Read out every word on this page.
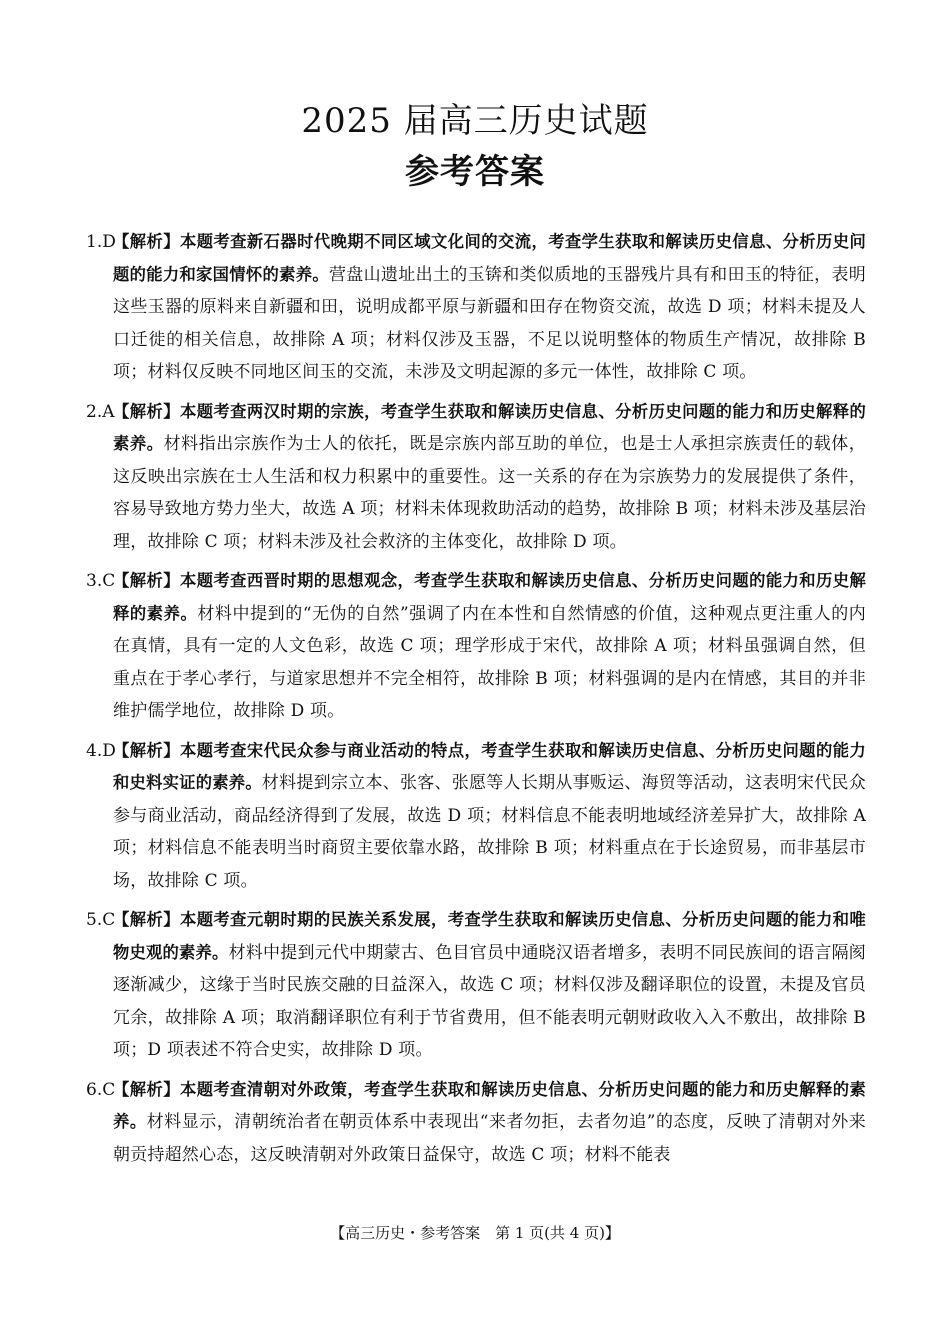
2025 届高三历史试题
参考答案
1.D
【解析】本题考查新石器时代晚期不同区域文化间的交流，考查学生获取和解读历史信息、分析历史问题的能力和家国情怀的素养。营盘山遗址出土的玉锛和类似质地的玉器残片具有和田玉的特征，表明这些玉器的原料来自新疆和田，说明成都平原与新疆和田存在物资交流，故选 D 项；材料未提及人口迁徙的相关信息，故排除 A 项；材料仅涉及玉器，不足以说明整体的物质生产情况，故排除 B 项；材料仅反映不同地区间玉的交流，未涉及文明起源的多元一体性，故排除 C 项。
2.A
【解析】本题考查两汉时期的宗族，考查学生获取和解读历史信息、分析历史问题的能力和历史解释的素养。材料指出宗族作为士人的依托，既是宗族内部互助的单位，也是士人承担宗族责任的载体，这反映出宗族在士人生活和权力积累中的重要性。这一关系的存在为宗族势力的发展提供了条件，容易导致地方势力坐大，故选 A 项；材料未体现救助活动的趋势，故排除 B 项；材料未涉及基层治理，故排除 C 项；材料未涉及社会救济的主体变化，故排除 D 项。
3.C
【解析】本题考查西晋时期的思想观念，考查学生获取和解读历史信息、分析历史问题的能力和历史解释的素养。材料中提到的“无伪的自然”强调了内在本性和自然情感的价值，这种观点更注重人的内在真情，具有一定的人文色彩，故选 C 项；理学形成于宋代，故排除 A 项；材料虽强调自然，但重点在于孝心孝行，与道家思想并不完全相符，故排除 B 项；材料强调的是内在情感，其目的并非维护儒学地位，故排除 D 项。
4.D
【解析】本题考查宋代民众参与商业活动的特点，考查学生获取和解读历史信息、分析历史问题的能力和史料实证的素养。材料提到宗立本、张客、张愿等人长期从事贩运、海贸等活动，这表明宋代民众参与商业活动，商品经济得到了发展，故选 D 项；材料信息不能表明地域经济差异扩大，故排除 A 项；材料信息不能表明当时商贸主要依靠水路，故排除 B 项；材料重点在于长途贸易，而非基层市场，故排除 C 项。
5.C
【解析】本题考查元朝时期的民族关系发展，考查学生获取和解读历史信息、分析历史问题的能力和唯物史观的素养。材料中提到元代中期蒙古、色目官员中通晓汉语者增多，表明不同民族间的语言隔阂逐渐减少，这缘于当时民族交融的日益深入，故选 C 项；材料仅涉及翻译职位的设置，未提及官员冗余，故排除 A 项；取消翻译职位有利于节省费用，但不能表明元朝财政收入入不敷出，故排除 B 项；D 项表述不符合史实，故排除 D 项。
6.C
【解析】本题考查清朝对外政策，考查学生获取和解读历史信息、分析历史问题的能力和历史解释的素养。材料显示，清朝统治者在朝贡体系中表现出“来者勿拒，去者勿追”的态度，反映了清朝对外来朝贡持超然心态，这反映清朝对外政策日益保守，故选 C 项；材料不能表
【高三历史・参考答案　第 1 页(共 4 页)】
